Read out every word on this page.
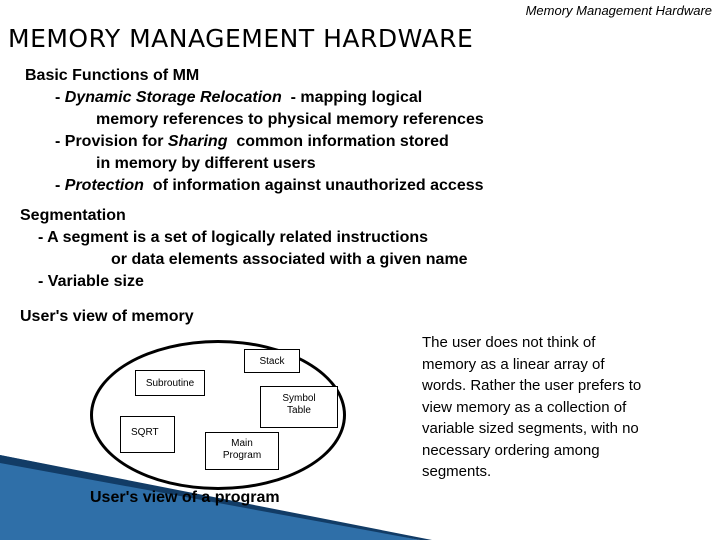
Memory Management Hardware
MEMORY MANAGEMENT HARDWARE
Basic Functions of MM
- Dynamic Storage Relocation - mapping logical
memory references to physical memory references
- Provision for Sharing common information stored
in memory by different users
- Protection of information against unauthorized access
Segmentation
- A segment is a set of logically related instructions
or data elements associated with a given name
- Variable size
User's view of memory
Stack
Subroutine
Symbol
Table
SQRT
Main
Program
User's view of a program
The user does not think of memory as a linear array of words. Rather the user prefers to view memory as a collection of variable sized segments, with no necessary ordering among segments.
